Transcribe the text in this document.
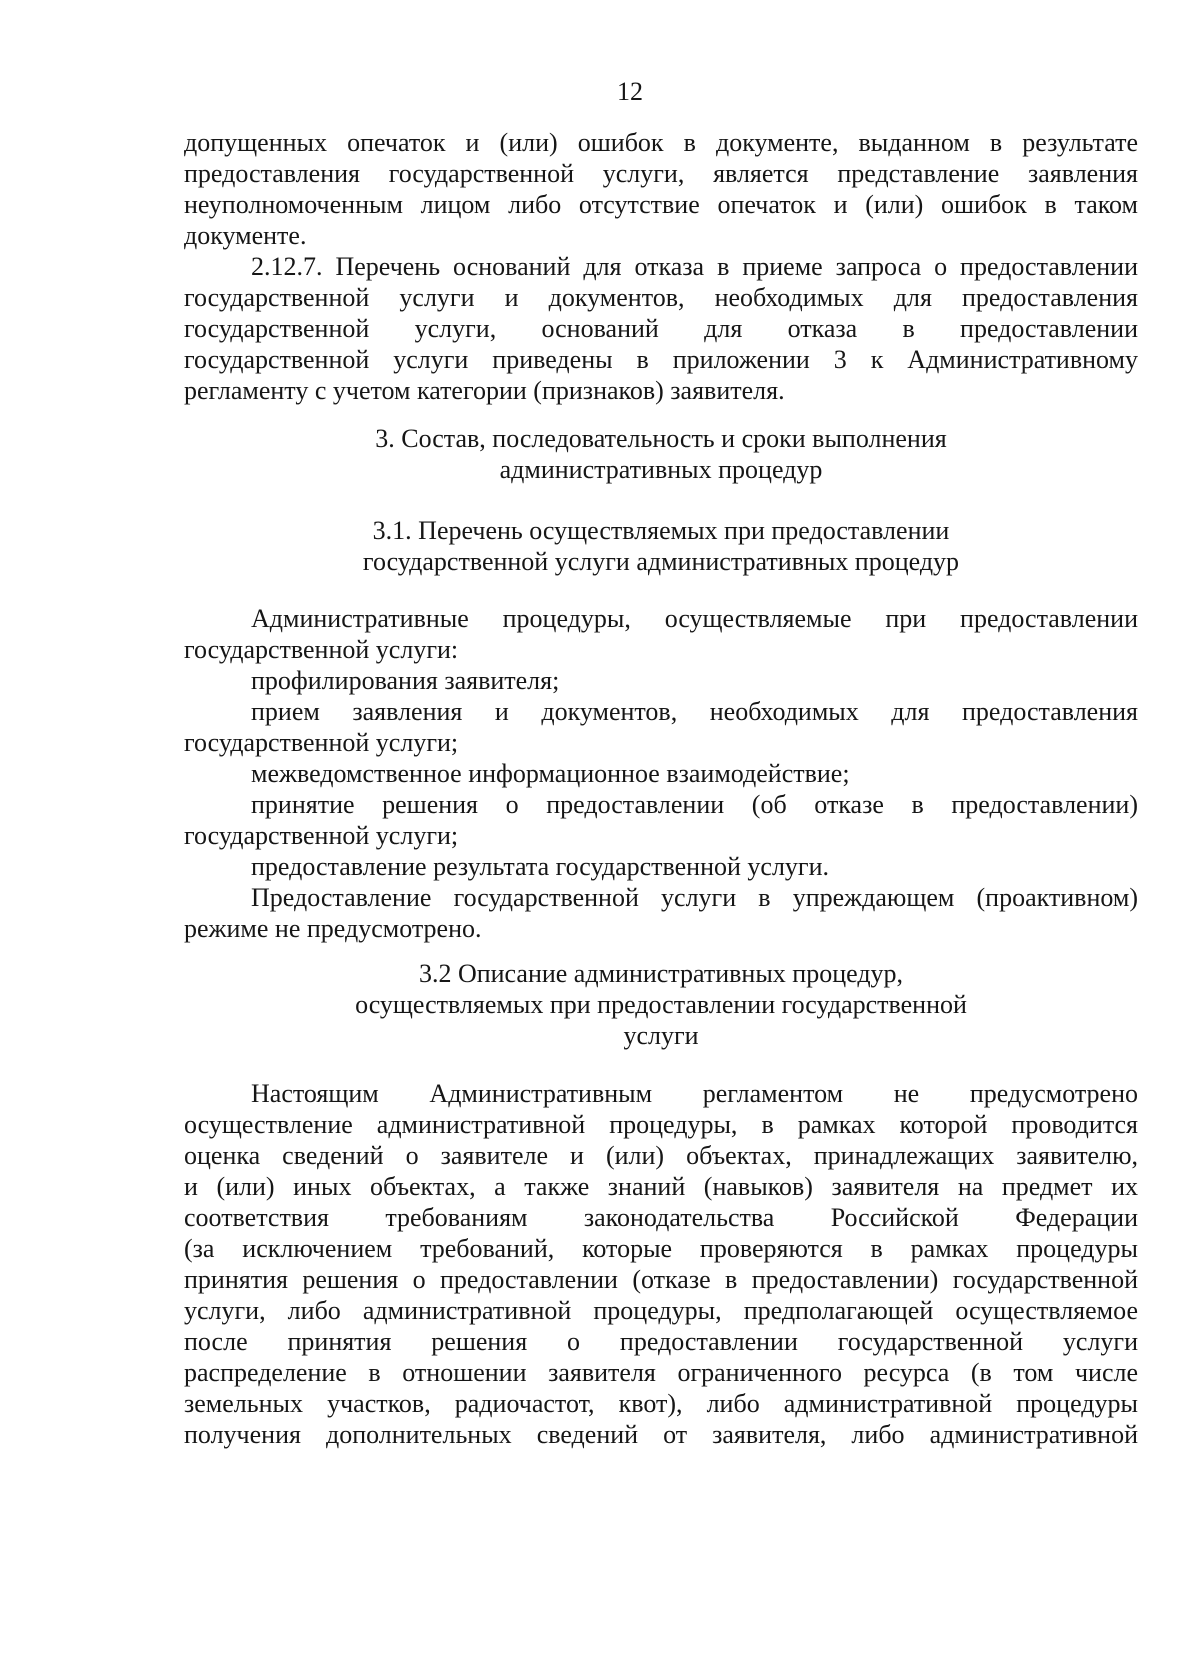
12
допущенных опечаток и (или) ошибок в документе, выданном в результате
предоставления государственной услуги, является представление заявления
неуполномоченным лицом либо отсутствие опечаток и (или) ошибок в таком
документе.
2.12.7. Перечень оснований для отказа в приеме запроса о предоставлении
государственной услуги и документов, необходимых для предоставления
государственной услуги, оснований для отказа в предоставлении
государственной услуги приведены в приложении 3 к Административному
регламенту с учетом категории (признаков) заявителя.
3. Состав, последовательность и сроки выполнения
административных процедур
3.1. Перечень осуществляемых при предоставлении
государственной услуги административных процедур
Административные процедуры, осуществляемые при предоставлении
государственной услуги:
профилирования заявителя;
прием заявления и документов, необходимых для предоставления
государственной услуги;
межведомственное информационное взаимодействие;
принятие решения о предоставлении (об отказе в предоставлении)
государственной услуги;
предоставление результата государственной услуги.
Предоставление государственной услуги в упреждающем (проактивном)
режиме не предусмотрено.
3.2 Описание административных процедур,
осуществляемых при предоставлении государственной
услуги
Настоящим Административным регламентом не предусмотрено
осуществление административной процедуры, в рамках которой проводится
оценка сведений о заявителе и (или) объектах, принадлежащих заявителю,
и (или) иных объектах, а также знаний (навыков) заявителя на предмет их
соответствия требованиям законодательства Российской Федерации
(за исключением требований, которые проверяются в рамках процедуры
принятия решения о предоставлении (отказе в предоставлении) государственной
услуги, либо административной процедуры, предполагающей осуществляемое
после принятия решения о предоставлении государственной услуги
распределение в отношении заявителя ограниченного ресурса (в том числе
земельных участков, радиочастот, квот), либо административной процедуры
получения дополнительных сведений от заявителя, либо административной
